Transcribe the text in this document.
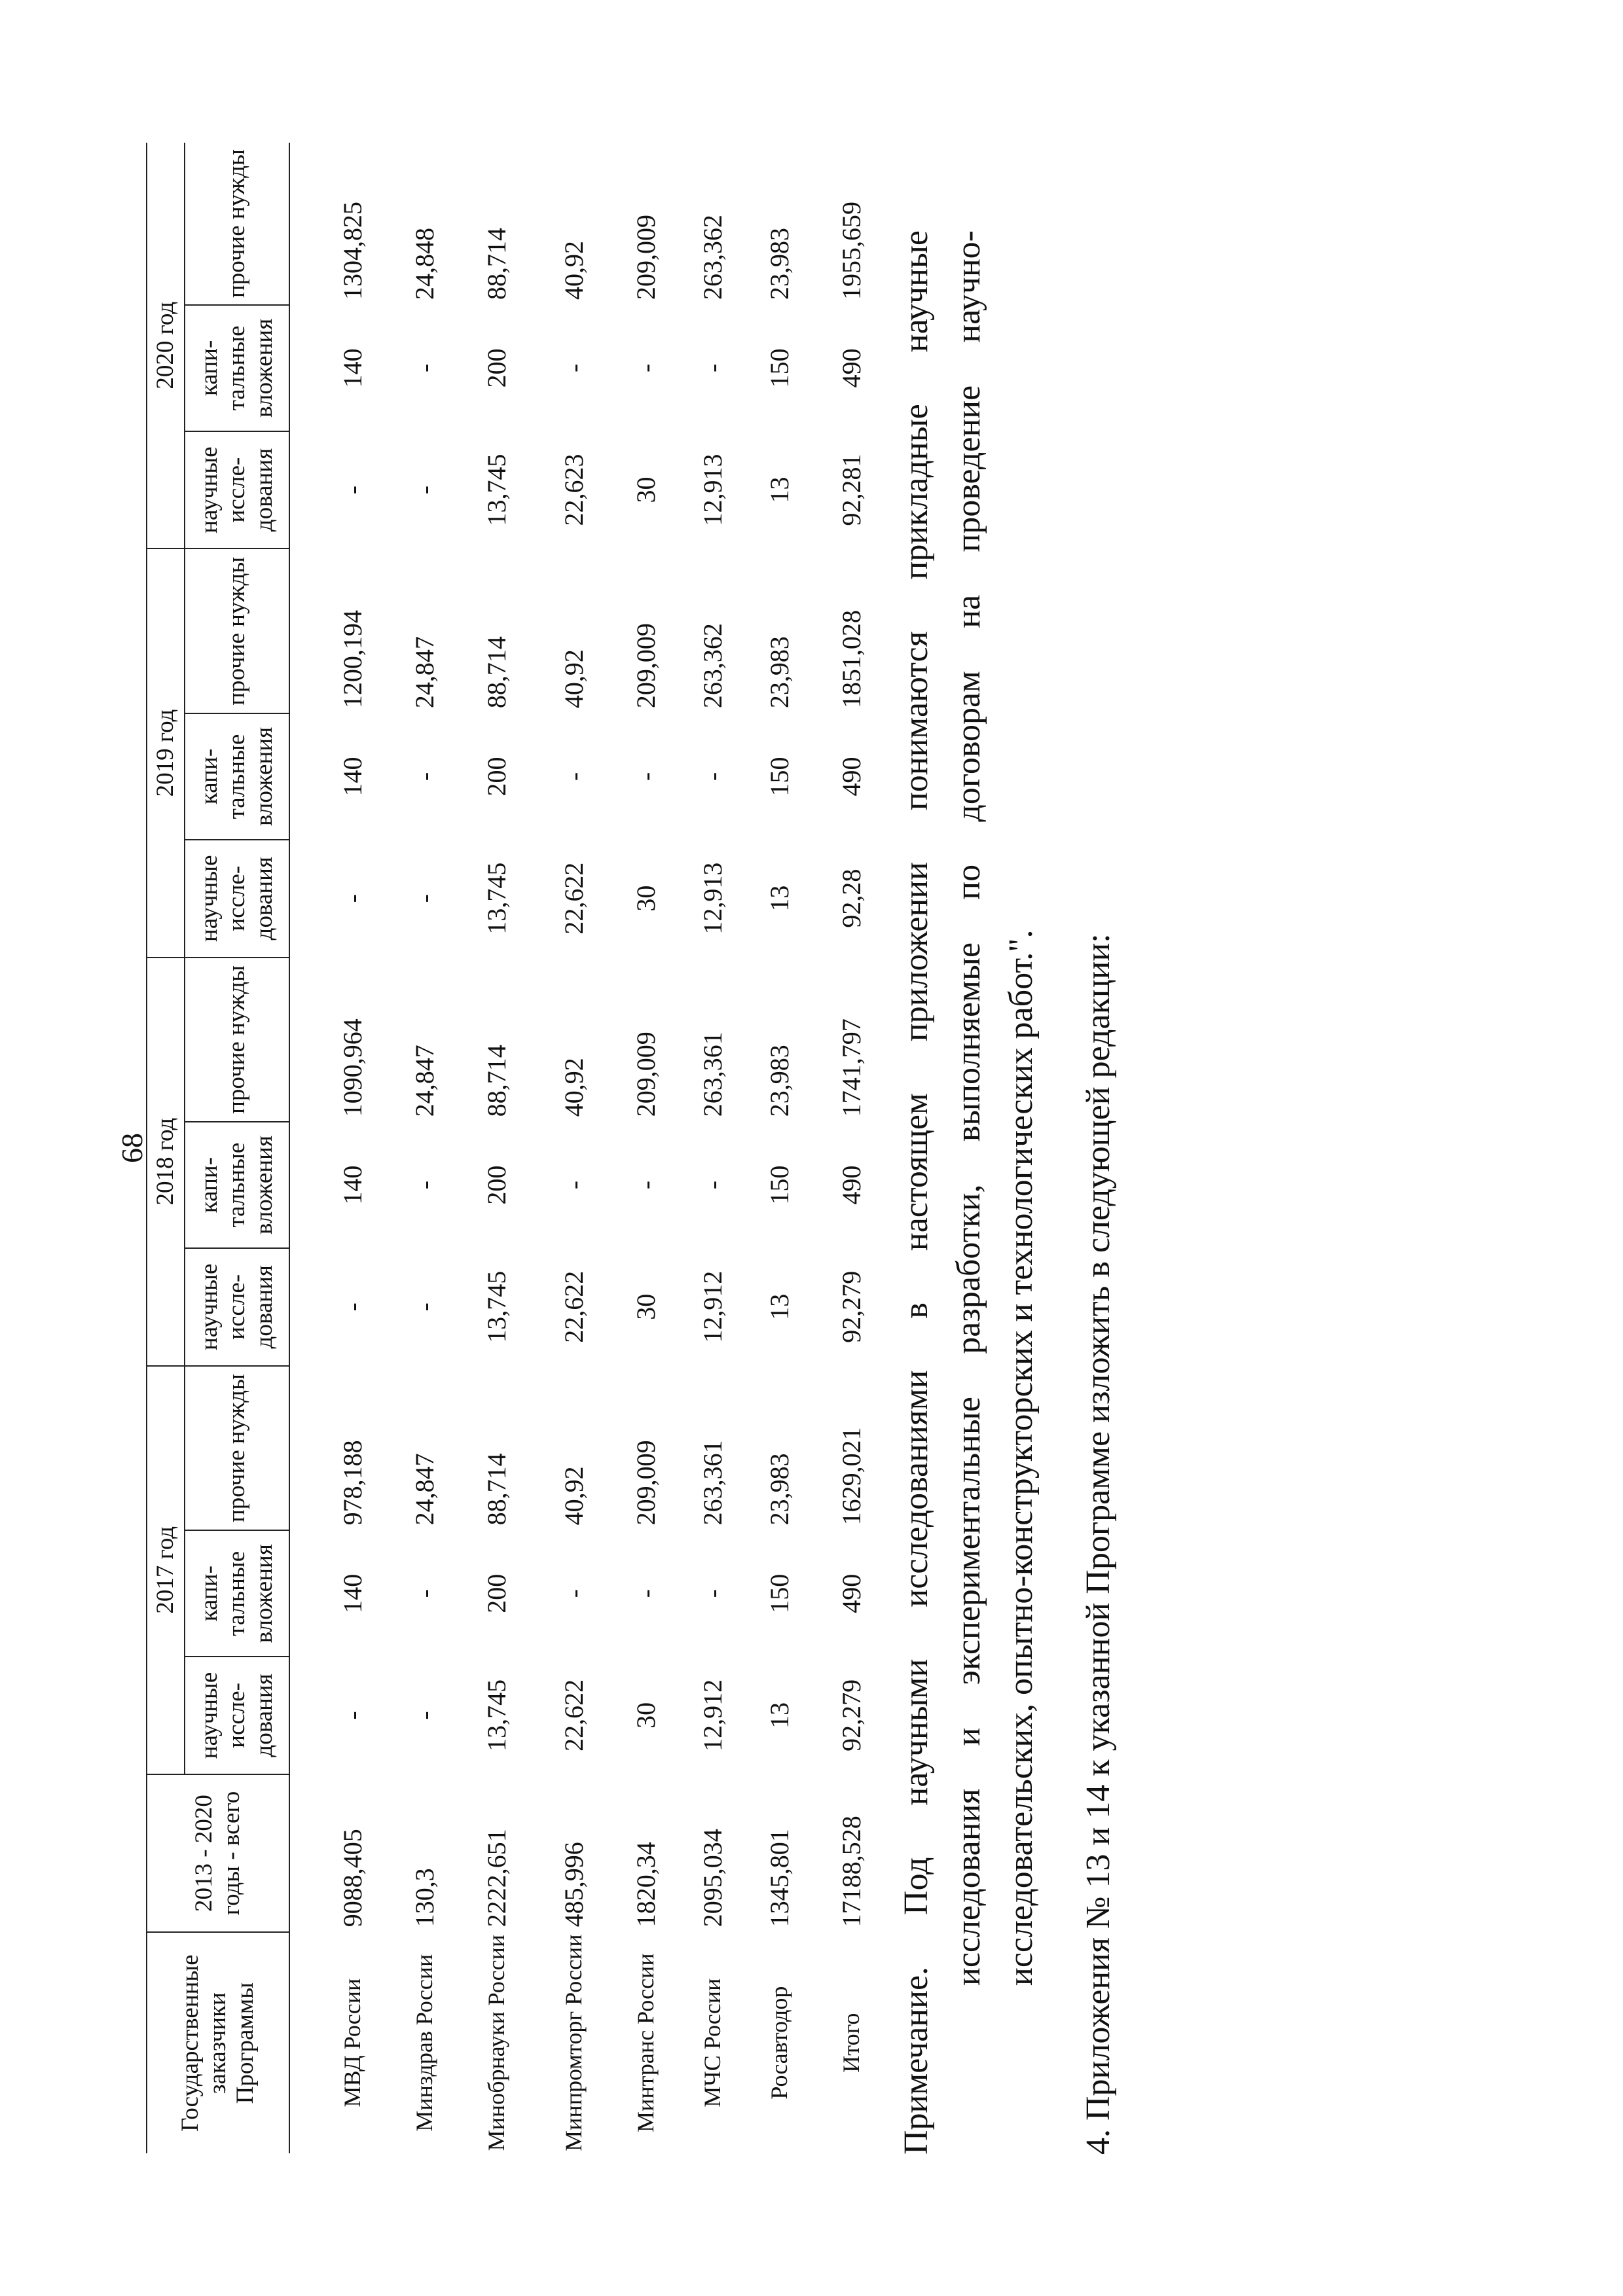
68
Государственные заказчики Программы	2013 - 2020 годы - всего	2017 год			2018 год			2019 год			2020 год		
		научные иссле- дования	капи- тальные вложения	прочие нужды	научные иссле- дования	капи- тальные вложения	прочие нужды	научные иссле- дования	капи- тальные вложения	прочие нужды	научные иссле- дования	капи- тальные вложения	прочие нужды

МВД России	9088,405	-	140	978,188	-	140	1090,964	-	140	1200,194	-	140	1304,825
Минздрав России	130,3	-	-	24,847	-	-	24,847	-	-	24,847	-	-	24,848
Минобрнауки России	2222,651	13,745	200	88,714	13,745	200	88,714	13,745	200	88,714	13,745	200	88,714
Минпромторг России	485,996	22,622	-	40,92	22,622	-	40,92	22,622	-	40,92	22,623	-	40,92
Минтранс России	1820,34	30	-	209,009	30	-	209,009	30	-	209,009	30	-	209,009
МЧС России	2095,034	12,912	-	263,361	12,912	-	263,361	12,913	-	263,362	12,913	-	263,362
Росавтодор	1345,801	13	150	23,983	13	150	23,983	13	150	23,983	13	150	23,983
Итого	17188,528	92,279	490	1629,021	92,279	490	1741,797	92,28	490	1851,028	92,281	490	1955,659
Примечание. Под научными исследованиями в настоящем приложении понимаются прикладные научные исследования и экспериментальные разработки, выполняемые по договорам на проведение научно- исследовательских, опытно-конструкторских и технологических работ.". 4. Приложения № 13 и 14 к указанной Программе изложить в следующей редакции:
